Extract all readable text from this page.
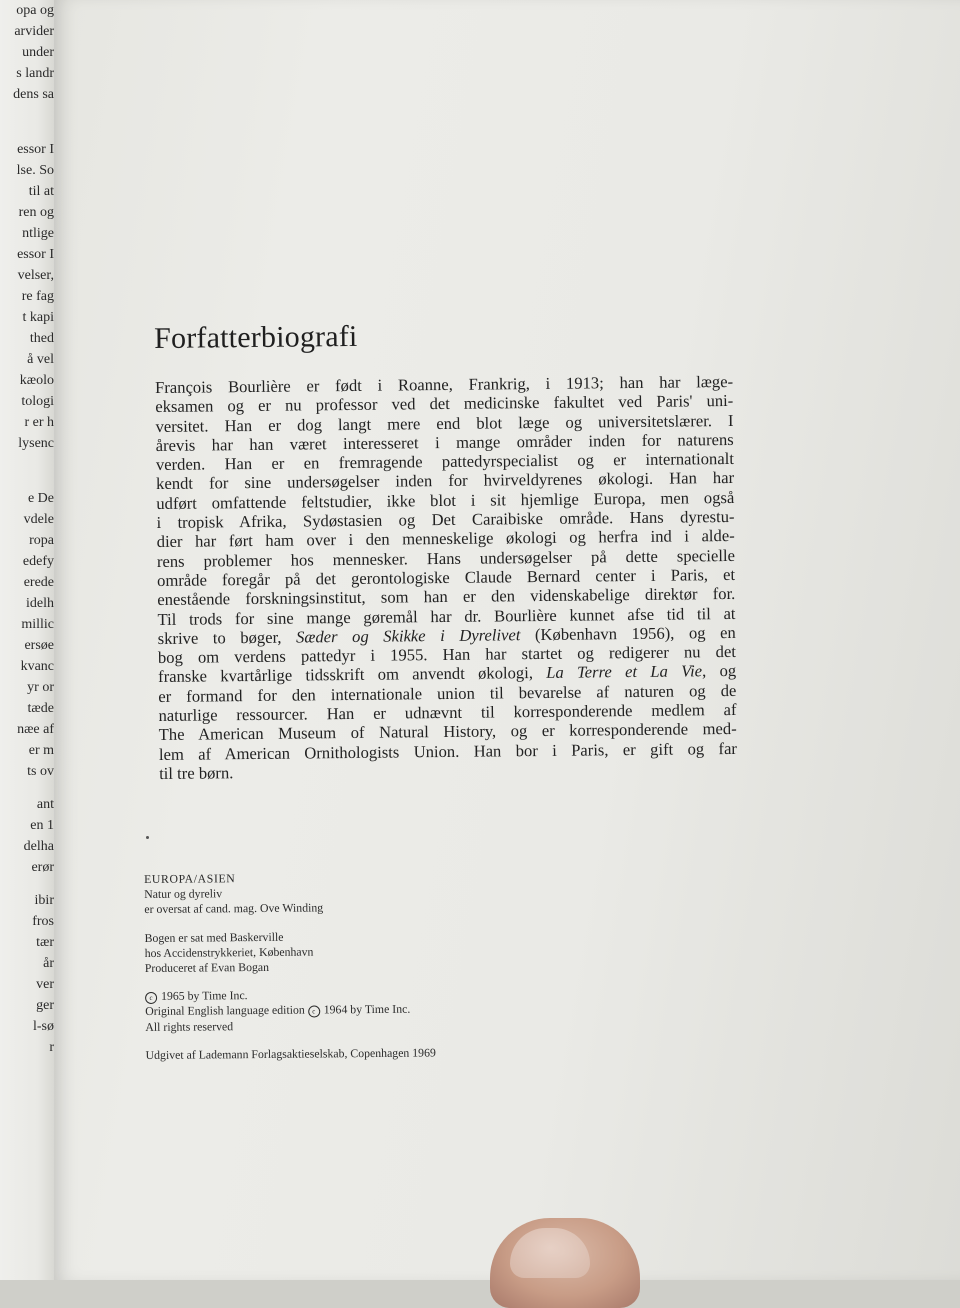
opa og
arvider
under
s landr
dens sa
essor I
lse. So
til at
ren og
ntlige
essor I
velser,
re fag
t kapi
thed
å vel
kæolo
tologi
r er h
lysenc
e De
vdele
ropa
edefy
erede
idelh
millic
ersøe
kvanc
yr or
tæde
næe af
er m
ts ov
ant
en 1
delha
erør
ibir
fros
tær
år
ver
ger
l-sø
r
Forfatterbiografi
François Bourlière er født i Roanne, Frankrig, i 1913; han har læge-
eksamen og er nu professor ved det medicinske fakultet ved Paris' uni-
versitet. Han er dog langt mere end blot læge og universitetslærer. I
årevis har han været interesseret i mange områder inden for naturens
verden. Han er en fremragende pattedyrspecialist og er internationalt
kendt for sine undersøgelser inden for hvirveldyrenes økologi. Han har
udført omfattende feltstudier, ikke blot i sit hjemlige Europa, men også
i tropisk Afrika, Sydøstasien og Det Caraibiske område. Hans dyrestu-
dier har ført ham over i den menneskelige økologi og herfra ind i alde-
rens problemer hos mennesker. Hans undersøgelser på dette specielle
område foregår på det gerontologiske Claude Bernard center i Paris, et
enestående forskningsinstitut, som han er den videnskabelige direktør for.
Til trods for sine mange gøremål har dr. Bourlière kunnet afse tid til at
skrive to bøger, Sæder og Skikke i Dyrelivet (København 1956), og en
bog om verdens pattedyr i 1955. Han har startet og redigerer nu det
franske kvartårlige tidsskrift om anvendt økologi, La Terre et La Vie, og
er formand for den internationale union til bevarelse af naturen og de
naturlige ressourcer. Han er udnævnt til korresponderende medlem af
The American Museum of Natural History, og er korresponderende med-
lem af American Ornithologists Union. Han bor i Paris, er gift og far
til tre børn.
EUROPA/ASIEN
Natur og dyreliv
er oversat af cand. mag. Ove Winding
Bogen er sat med Baskerville
hos Accidenstrykkeriet, København
Produceret af Evan Bogan
c 1965 by Time Inc.
Original English language edition c 1964 by Time Inc.
All rights reserved
Udgivet af Lademann Forlagsaktieselskab, Copenhagen 1969
